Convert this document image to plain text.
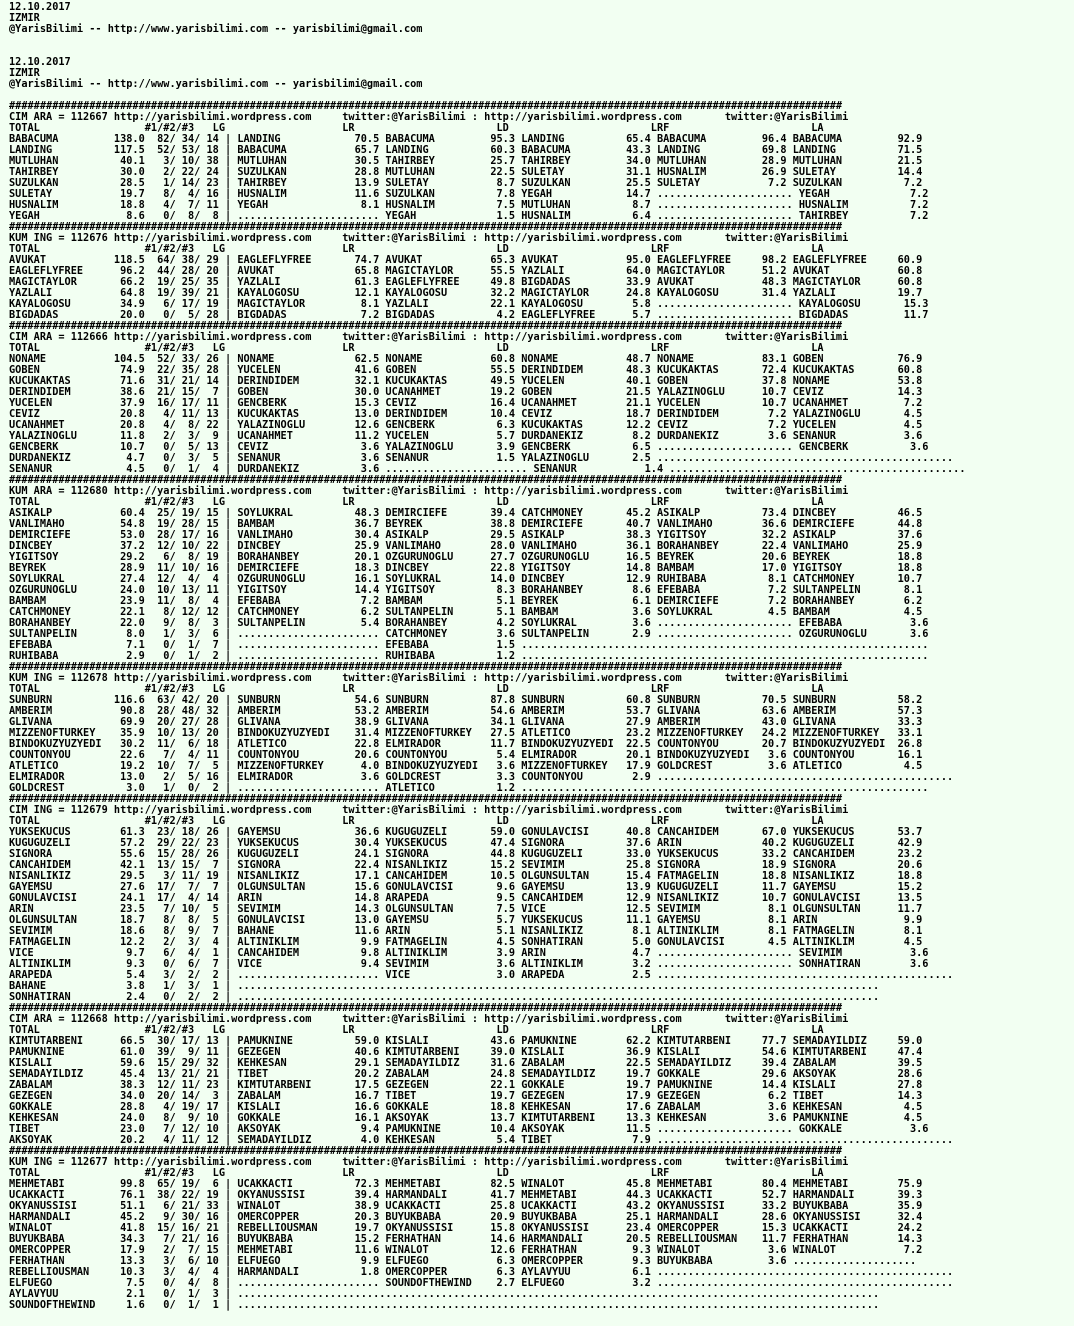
12.10.2017
IZMIR
@YarisBilimi -- http://www.yarisbilimi.com -- yarisbilimi@gmail.com

12.10.2017
IZMIR
@YarisBilimi -- http://www.yarisbilimi.com -- yarisbilimi@gmail.com

#######################################################################################################################################
CIM ARA = 112667 http://yarisbilimi.wordpress.com     twitter:@YarisBilimi : http://yarisbilimi.wordpress.com       twitter:@YarisBilimi
TOTAL                 #1/#2/#3   LG                   LR                       LD                       LRF                       LA
BABACUMA         138.0  82/ 34/ 14 | LANDING            70.5 BABACUMA         95.3 LANDING          65.4 BABACUMA         96.4 BABACUMA         92.9
LANDING          117.5  52/ 53/ 18 | BABACUMA           65.7 LANDING          60.3 BABACUMA         43.3 LANDING          69.8 LANDING          71.5
MUTLUHAN          40.1   3/ 10/ 38 | MUTLUHAN           30.5 TAHIRBEY         25.7 TAHIRBEY         34.0 MUTLUHAN         28.9 MUTLUHAN         21.5
TAHIRBEY          30.0   2/ 22/ 24 | SUZULKAN           28.8 MUTLUHAN         22.5 SULETAY          31.1 HUSNALIM         26.9 SULETAY          14.4
SUZULKAN          28.5   1/ 14/ 23 | TAHIRBEY           13.9 SULETAY           8.7 SUZULKAN         25.5 SULETAY           7.2 SUZULKAN          7.2
SULETAY           19.7   8/  4/ 16 | HUSNALIM           11.6 SUZULKAN          7.8 YEGAH            14.7 ...................... YEGAH             7.2
HUSNALIM          18.8   4/  7/ 11 | YEGAH               8.1 HUSNALIM          7.5 MUTLUHAN          8.7 ...................... HUSNALIM          7.2
YEGAH              8.6   0/  8/  8 | ....................... YEGAH             1.5 HUSNALIM          6.4 ...................... TAHIRBEY          7.2
#######################################################################################################################################
KUM ING = 112676 http://yarisbilimi.wordpress.com     twitter:@YarisBilimi : http://yarisbilimi.wordpress.com       twitter:@YarisBilimi
TOTAL                 #1/#2/#3   LG                   LR                       LD                       LRF                       LA
AVUKAT           118.5  64/ 38/ 29 | EAGLEFLYFREE       74.7 AVUKAT           65.3 AVUKAT           95.0 EAGLEFLYFREE     98.2 EAGLEFLYFREE     60.9
EAGLEFLYFREE      96.2  44/ 28/ 20 | AVUKAT             65.8 MAGICTAYLOR      55.5 YAZLALI          64.0 MAGICTAYLOR      51.2 AVUKAT           60.8
MAGICTAYLOR       66.2  19/ 25/ 35 | YAZLALI            61.3 EAGLEFLYFREE     49.8 BIGDADAS         33.9 AVUKAT           48.3 MAGICTAYLOR      60.8
YAZLALI           64.8  19/ 39/ 21 | KAYALOGOSU         12.1 KAYALOGOSU       32.2 MAGICTAYLOR      24.8 KAYALOGOSU       31.4 YAZLALI          19.7
KAYALOGOSU        34.9   6/ 17/ 19 | MAGICTAYLOR         8.1 YAZLALI          22.1 KAYALOGOSU        5.8 ...................... KAYALOGOSU       15.3
BIGDADAS          20.0   0/  5/ 28 | BIGDADAS            7.2 BIGDADAS          4.2 EAGLEFLYFREE      5.7 ...................... BIGDADAS         11.7
#######################################################################################################################################
CIM ARA = 112666 http://yarisbilimi.wordpress.com     twitter:@YarisBilimi : http://yarisbilimi.wordpress.com       twitter:@YarisBilimi
TOTAL                 #1/#2/#3   LG                   LR                       LD                       LRF                       LA
NONAME           104.5  52/ 33/ 26 | NONAME             62.5 NONAME           60.8 NONAME           48.7 NONAME           83.1 GOBEN            76.9
GOBEN             74.9  22/ 35/ 28 | YUCELEN            41.6 GOBEN            55.5 DERINDIDEM       48.3 KUCUKAKTAS       72.4 KUCUKAKTAS       60.8
KUCUKAKTAS        71.6  31/ 21/ 14 | DERINDIDEM         32.1 KUCUKAKTAS       49.5 YUCELEN          40.1 GOBEN            37.8 NONAME           53.8
DERINDIDEM        38.6  21/ 15/  7 | GOBEN              30.0 UCANAHMET        19.2 GOBEN            21.5 YALAZINOGLU      10.7 CEVIZ            14.3
YUCELEN           37.9  16/ 17/ 11 | GENCBERK           15.3 CEVIZ            16.4 UCANAHMET        21.1 YUCELEN          10.7 UCANAHMET         7.2
CEVIZ             20.8   4/ 11/ 13 | KUCUKAKTAS         13.0 DERINDIDEM       10.4 CEVIZ            18.7 DERINDIDEM        7.2 YALAZINOGLU       4.5
UCANAHMET         20.8   4/  8/ 22 | YALAZINOGLU        12.6 GENCBERK          6.3 KUCUKAKTAS       12.2 CEVIZ             7.2 YUCELEN           4.5
YALAZINOGLU       11.8   2/  3/  9 | UCANAHMET          11.2 YUCELEN           5.7 DURDANEKIZ        8.2 DURDANEKIZ        3.6 SENANUR           3.6
GENCBERK          10.7   0/  5/ 13 | CEVIZ               3.6 YALAZINOGLU       3.9 GENCBERK          6.5 ...................... GENCBERK          3.6
DURDANEKIZ         4.7   0/  3/  5 | SENANUR             3.6 SENANUR           1.5 YALAZINOGLU       2.5 ................................................
SENANUR            4.5   0/  1/  4 | DURDANEKIZ          3.6 ....................... SENANUR           1.4 ................................................
#######################################################################################################################################
KUM ARA = 112680 http://yarisbilimi.wordpress.com     twitter:@YarisBilimi : http://yarisbilimi.wordpress.com       twitter:@YarisBilimi
TOTAL                 #1/#2/#3   LG                   LR                       LD                       LRF                       LA
ASIKALP           60.4  25/ 19/ 15 | SOYLUKRAL          48.3 DEMIRCIEFE       39.4 CATCHMONEY       45.2 ASIKALP          73.4 DINCBEY          46.5
VANLIMAHO         54.8  19/ 28/ 15 | BAMBAM             36.7 BEYREK           38.8 DEMIRCIEFE       40.7 VANLIMAHO        36.6 DEMIRCIEFE       44.8
DEMIRCIEFE        53.0  28/ 17/ 16 | VANLIMAHO          30.4 ASIKALP          29.5 ASIKALP          38.3 YIGITSOY         32.2 ASIKALP          37.6
DINCBEY           37.2  12/ 10/ 22 | DINCBEY            25.9 VANLIMAHO        28.0 VANLIMAHO        36.1 BORAHANBEY       22.4 VANLIMAHO        25.9
YIGITSOY          29.2   6/  8/ 19 | BORAHANBEY         20.1 OZGURUNOGLU      27.7 OZGURUNOGLU      16.5 BEYREK           20.6 BEYREK           18.8
BEYREK            28.9  11/ 10/ 16 | DEMIRCIEFE         18.3 DINCBEY          22.8 YIGITSOY         14.8 BAMBAM           17.0 YIGITSOY         18.8
SOYLUKRAL         27.4  12/  4/  4 | OZGURUNOGLU        16.1 SOYLUKRAL        14.0 DINCBEY          12.9 RUHIBABA          8.1 CATCHMONEY       10.7
OZGURUNOGLU       24.0  10/ 13/ 11 | YIGITSOY           14.4 YIGITSOY          8.3 BORAHANBEY        8.6 EFEBABA           7.2 SULTANPELIN       8.1
BAMBAM            23.9  11/  8/  4 | EFEBABA             7.2 BAMBAM            5.1 BEYREK            6.1 DEMIRCIEFE        7.2 BORAHANBEY        6.2
CATCHMONEY        22.1   8/ 12/ 12 | CATCHMONEY          6.2 SULTANPELIN       5.1 BAMBAM            3.6 SOYLUKRAL         4.5 BAMBAM            4.5
BORAHANBEY        22.0   9/  8/  3 | SULTANPELIN         5.4 BORAHANBEY        4.2 SOYLUKRAL         3.6 ...................... EFEBABA           3.6
SULTANPELIN        8.0   1/  3/  6 | ....................... CATCHMONEY        3.6 SULTANPELIN       2.9 ...................... OZGURUNOGLU       3.6
EFEBABA            7.1   0/  1/  7 | ....................... EFEBABA           1.5 ..................................................................
RUHIBABA           2.9   0/  1/  2 | ....................... RUHIBABA          1.2 ..................................................................
#######################################################################################################################################
KUM ING = 112678 http://yarisbilimi.wordpress.com     twitter:@YarisBilimi : http://yarisbilimi.wordpress.com       twitter:@YarisBilimi
TOTAL                 #1/#2/#3   LG                   LR                       LD                       LRF                       LA
SUNBURN          116.6  63/ 42/ 20 | SUNBURN            54.6 SUNBURN          87.8 SUNBURN          60.8 SUNBURN          70.5 SUNBURN          58.2
AMBERIM           90.8  28/ 48/ 32 | AMBERIM            53.2 AMBERIM          54.6 AMBERIM          53.7 GLIVANA          63.6 AMBERIM          57.3
GLIVANA           69.9  20/ 27/ 28 | GLIVANA            38.9 GLIVANA          34.1 GLIVANA          27.9 AMBERIM          43.0 GLIVANA          33.3
MIZZENOFTURKEY    35.9  10/ 13/ 20 | BINDOKUZYUZYEDI    31.4 MIZZENOFTURKEY   27.5 ATLETICO         23.2 MIZZENOFTURKEY   24.2 MIZZENOFTURKEY   33.1
BINDOKUZYUZYEDI   30.2  11/  6/ 18 | ATLETICO           22.8 ELMIRADOR        11.7 BINDOKUZYUZYEDI  22.5 COUNTONYOU       20.7 BINDOKUZYUZYEDI  26.8
COUNTONYOU        22.6   7/  4/ 11 | COUNTONYOU         20.6 COUNTONYOU        5.4 ELMIRADOR        20.1 BINDOKUZYUZYEDI   3.6 COUNTONYOU       16.1
ATLETICO          19.2  10/  7/  5 | MIZZENOFTURKEY      4.0 BINDOKUZYUZYEDI   3.6 MIZZENOFTURKEY   17.9 GOLDCREST         3.6 ATLETICO          4.5
ELMIRADOR         13.0   2/  5/ 16 | ELMIRADOR           3.6 GOLDCREST         3.3 COUNTONYOU        2.9 ................................................
GOLDCREST          3.0   1/  0/  2 | ....................... ATLETICO          1.2 ..................................................................
#######################################################################################################################################
CIM ING = 112679 http://yarisbilimi.wordpress.com     twitter:@YarisBilimi : http://yarisbilimi.wordpress.com       twitter:@YarisBilimi
TOTAL                 #1/#2/#3   LG                   LR                       LD                       LRF                       LA
YUKSEKUCUS        61.3  23/ 18/ 26 | GAYEMSU            36.6 KUGUGUZELI       59.0 GONULAVCISI      40.8 CANCAHIDEM       67.0 YUKSEKUCUS       53.7
KUGUGUZELI        57.2  29/ 22/ 23 | YUKSEKUCUS         30.4 YUKSEKUCUS       47.4 SIGNORA          37.6 ARIN             40.2 KUGUGUZELI       42.9
SIGNORA           55.6  15/ 28/ 26 | KUGUGUZELI         24.1 SIGNORA          44.8 KUGUGUZELI       33.0 YUKSEKUCUS       33.2 CANCAHIDEM       23.2
CANCAHIDEM        42.1  13/ 15/  7 | SIGNORA            22.4 NISANLIKIZ       15.2 SEVIMIM          25.8 SIGNORA          18.9 SIGNORA          20.6
NISANLIKIZ        29.5   3/ 11/ 19 | NISANLIKIZ         17.1 CANCAHIDEM       10.5 OLGUNSULTAN      15.4 FATMAGELIN       18.8 NISANLIKIZ       18.8
GAYEMSU           27.6  17/  7/  7 | OLGUNSULTAN        15.6 GONULAVCISI       9.6 GAYEMSU          13.9 KUGUGUZELI       11.7 GAYEMSU          15.2
GONULAVCISI       24.1  17/  4/ 14 | ARIN               14.8 ARAPEDA           9.5 CANCAHIDEM       12.9 NISANLIKIZ       10.7 GONULAVCISI      13.5
ARIN              23.5   7/ 10/  5 | SEVIMIM            14.3 OLGUNSULTAN       7.5 VICE             12.5 SEVIMIM           8.1 OLGUNSULTAN      11.7
OLGUNSULTAN       18.7   8/  8/  5 | GONULAVCISI        13.0 GAYEMSU           5.7 YUKSEKUCUS       11.1 GAYEMSU           8.1 ARIN              9.9
SEVIMIM           18.6   8/  9/  7 | BAHANE             11.6 ARIN              5.1 NISANLIKIZ        8.1 ALTINIKLIM        8.1 FATMAGELIN        8.1
FATMAGELIN        12.2   2/  3/  4 | ALTINIKLIM          9.9 FATMAGELIN        4.5 SONHATIRAN        5.0 GONULAVCISI       4.5 ALTINIKLIM        4.5
VICE               9.7   6/  4/  1 | CANCAHIDEM          9.8 ALTINIKLIM        3.9 ARIN              4.7 ...................... SEVIMIM           3.6
ALTINIKLIM         9.3   0/  6/  7 | VICE                9.4 SEVIMIM           3.6 ALTINIKLIM        3.2 ...................... SONHATIRAN        3.6
ARAPEDA            5.4   3/  2/  2 | ....................... VICE              3.0 ARAPEDA           2.5 ................................................
BAHANE             3.8   1/  3/  1 | ........................................................................................................
SONHATIRAN         2.4   0/  2/  2 | ........................................................................................................
#######################################################################################################################################
CIM ARA = 112668 http://yarisbilimi.wordpress.com     twitter:@YarisBilimi : http://yarisbilimi.wordpress.com       twitter:@YarisBilimi
TOTAL                 #1/#2/#3   LG                   LR                       LD                       LRF                       LA
KIMTUTARBENI      66.5  30/ 17/ 13 | PAMUKNINE          59.0 KISLALI          43.6 PAMUKNINE        62.2 KIMTUTARBENI     77.7 SEMADAYILDIZ     59.0
PAMUKNINE         61.0  39/  9/ 11 | GEZEGEN            40.6 KIMTUTARBENI     39.0 KISLALI          36.9 KISLALI          54.6 KIMTUTARBENI     47.4
KISLALI           59.6  15/ 29/ 32 | KEHKESAN           29.1 SEMADAYILDIZ     31.6 ZABALAM          22.5 SEMADAYILDIZ     39.4 ZABALAM          39.5
SEMADAYILDIZ      45.4  13/ 21/ 21 | TIBET              20.2 ZABALAM          24.8 SEMADAYILDIZ     19.7 GOKKALE          29.6 AKSOYAK          28.6
ZABALAM           38.3  12/ 11/ 23 | KIMTUTARBENI       17.5 GEZEGEN          22.1 GOKKALE          19.7 PAMUKNINE        14.4 KISLALI          27.8
GEZEGEN           34.0  20/ 14/  3 | ZABALAM            16.7 TIBET            19.7 GEZEGEN          17.9 GEZEGEN           6.2 TIBET            14.3
GOKKALE           28.8   4/ 19/ 17 | KISLALI            16.6 GOKKALE          18.8 KEHKESAN         17.6 ZABALAM           3.6 KEHKESAN          4.5
KEHKESAN          24.0   8/  9/ 10 | GOKKALE            16.1 AKSOYAK          13.7 KIMTUTARBENI     13.3 KEHKESAN          3.6 PAMUKNINE         4.5
TIBET             23.0   7/ 12/ 10 | AKSOYAK             9.4 PAMUKNINE        10.4 AKSOYAK          11.5 ...................... GOKKALE           3.6
AKSOYAK           20.2   4/ 11/ 12 | SEMADAYILDIZ        4.0 KEHKESAN          5.4 TIBET             7.9 ................................................
#######################################################################################################################################
KUM ING = 112677 http://yarisbilimi.wordpress.com     twitter:@YarisBilimi : http://yarisbilimi.wordpress.com       twitter:@YarisBilimi
TOTAL                 #1/#2/#3   LG                   LR                       LD                       LRF                       LA
MEHMETABI         99.8  65/ 19/  6 | UCAKKACTI          72.3 MEHMETABI        82.5 WINALOT          45.8 MEHMETABI        80.4 MEHMETABI        75.9
UCAKKACTI         76.1  38/ 22/ 19 | OKYANUSSISI        39.4 HARMANDALI       41.7 MEHMETABI        44.3 UCAKKACTI        52.7 HARMANDALI       39.3
OKYANUSSISI       51.1   6/ 21/ 33 | WINALOT            38.9 UCAKKACTI        25.8 UCAKKACTI        43.2 OKYANUSSISI      33.2 BUYUKBABA        35.9
HARMANDALI        45.2   9/ 30/ 16 | OMERCOPPER         20.3 BUYUKBABA        20.9 BUYUKBABA        25.1 HARMANDALI       28.6 OKYANUSSISI      32.4
WINALOT           41.8  15/ 16/ 21 | REBELLIOUSMAN      19.7 OKYANUSSISI      15.8 OKYANUSSISI      23.4 OMERCOPPER       15.3 UCAKKACTI        24.2
BUYUKBABA         34.3   7/ 21/ 16 | BUYUKBABA          15.2 FERHATHAN        14.6 HARMANDALI       20.5 REBELLIOUSMAN    11.7 FERHATHAN        14.3
OMERCOPPER        17.9   2/  7/ 15 | MEHMETABI          11.6 WINALOT          12.6 FERHATHAN         9.3 WINALOT           3.6 WINALOT           7.2
FERHATHAN         13.3   3/  6/ 10 | ELFUEGO             9.9 ELFUEGO           6.3 OMERCOPPER        9.3 BUYUKBABA         3.6 ....................
REBELLIOUSMAN     10.3   3/  4/  4 | HARMANDALI          1.8 OMERCOPPER        6.3 AYLAVYUU          6.1 ................................................
ELFUEGO            7.5   0/  4/  8 | ....................... SOUNDOFTHEWIND    2.7 ELFUEGO           3.2 ................................................
AYLAVYUU           2.1   0/  1/  3 | ........................................................................................................
SOUNDOFTHEWIND     1.6   0/  1/  1 | ........................................................................................................
